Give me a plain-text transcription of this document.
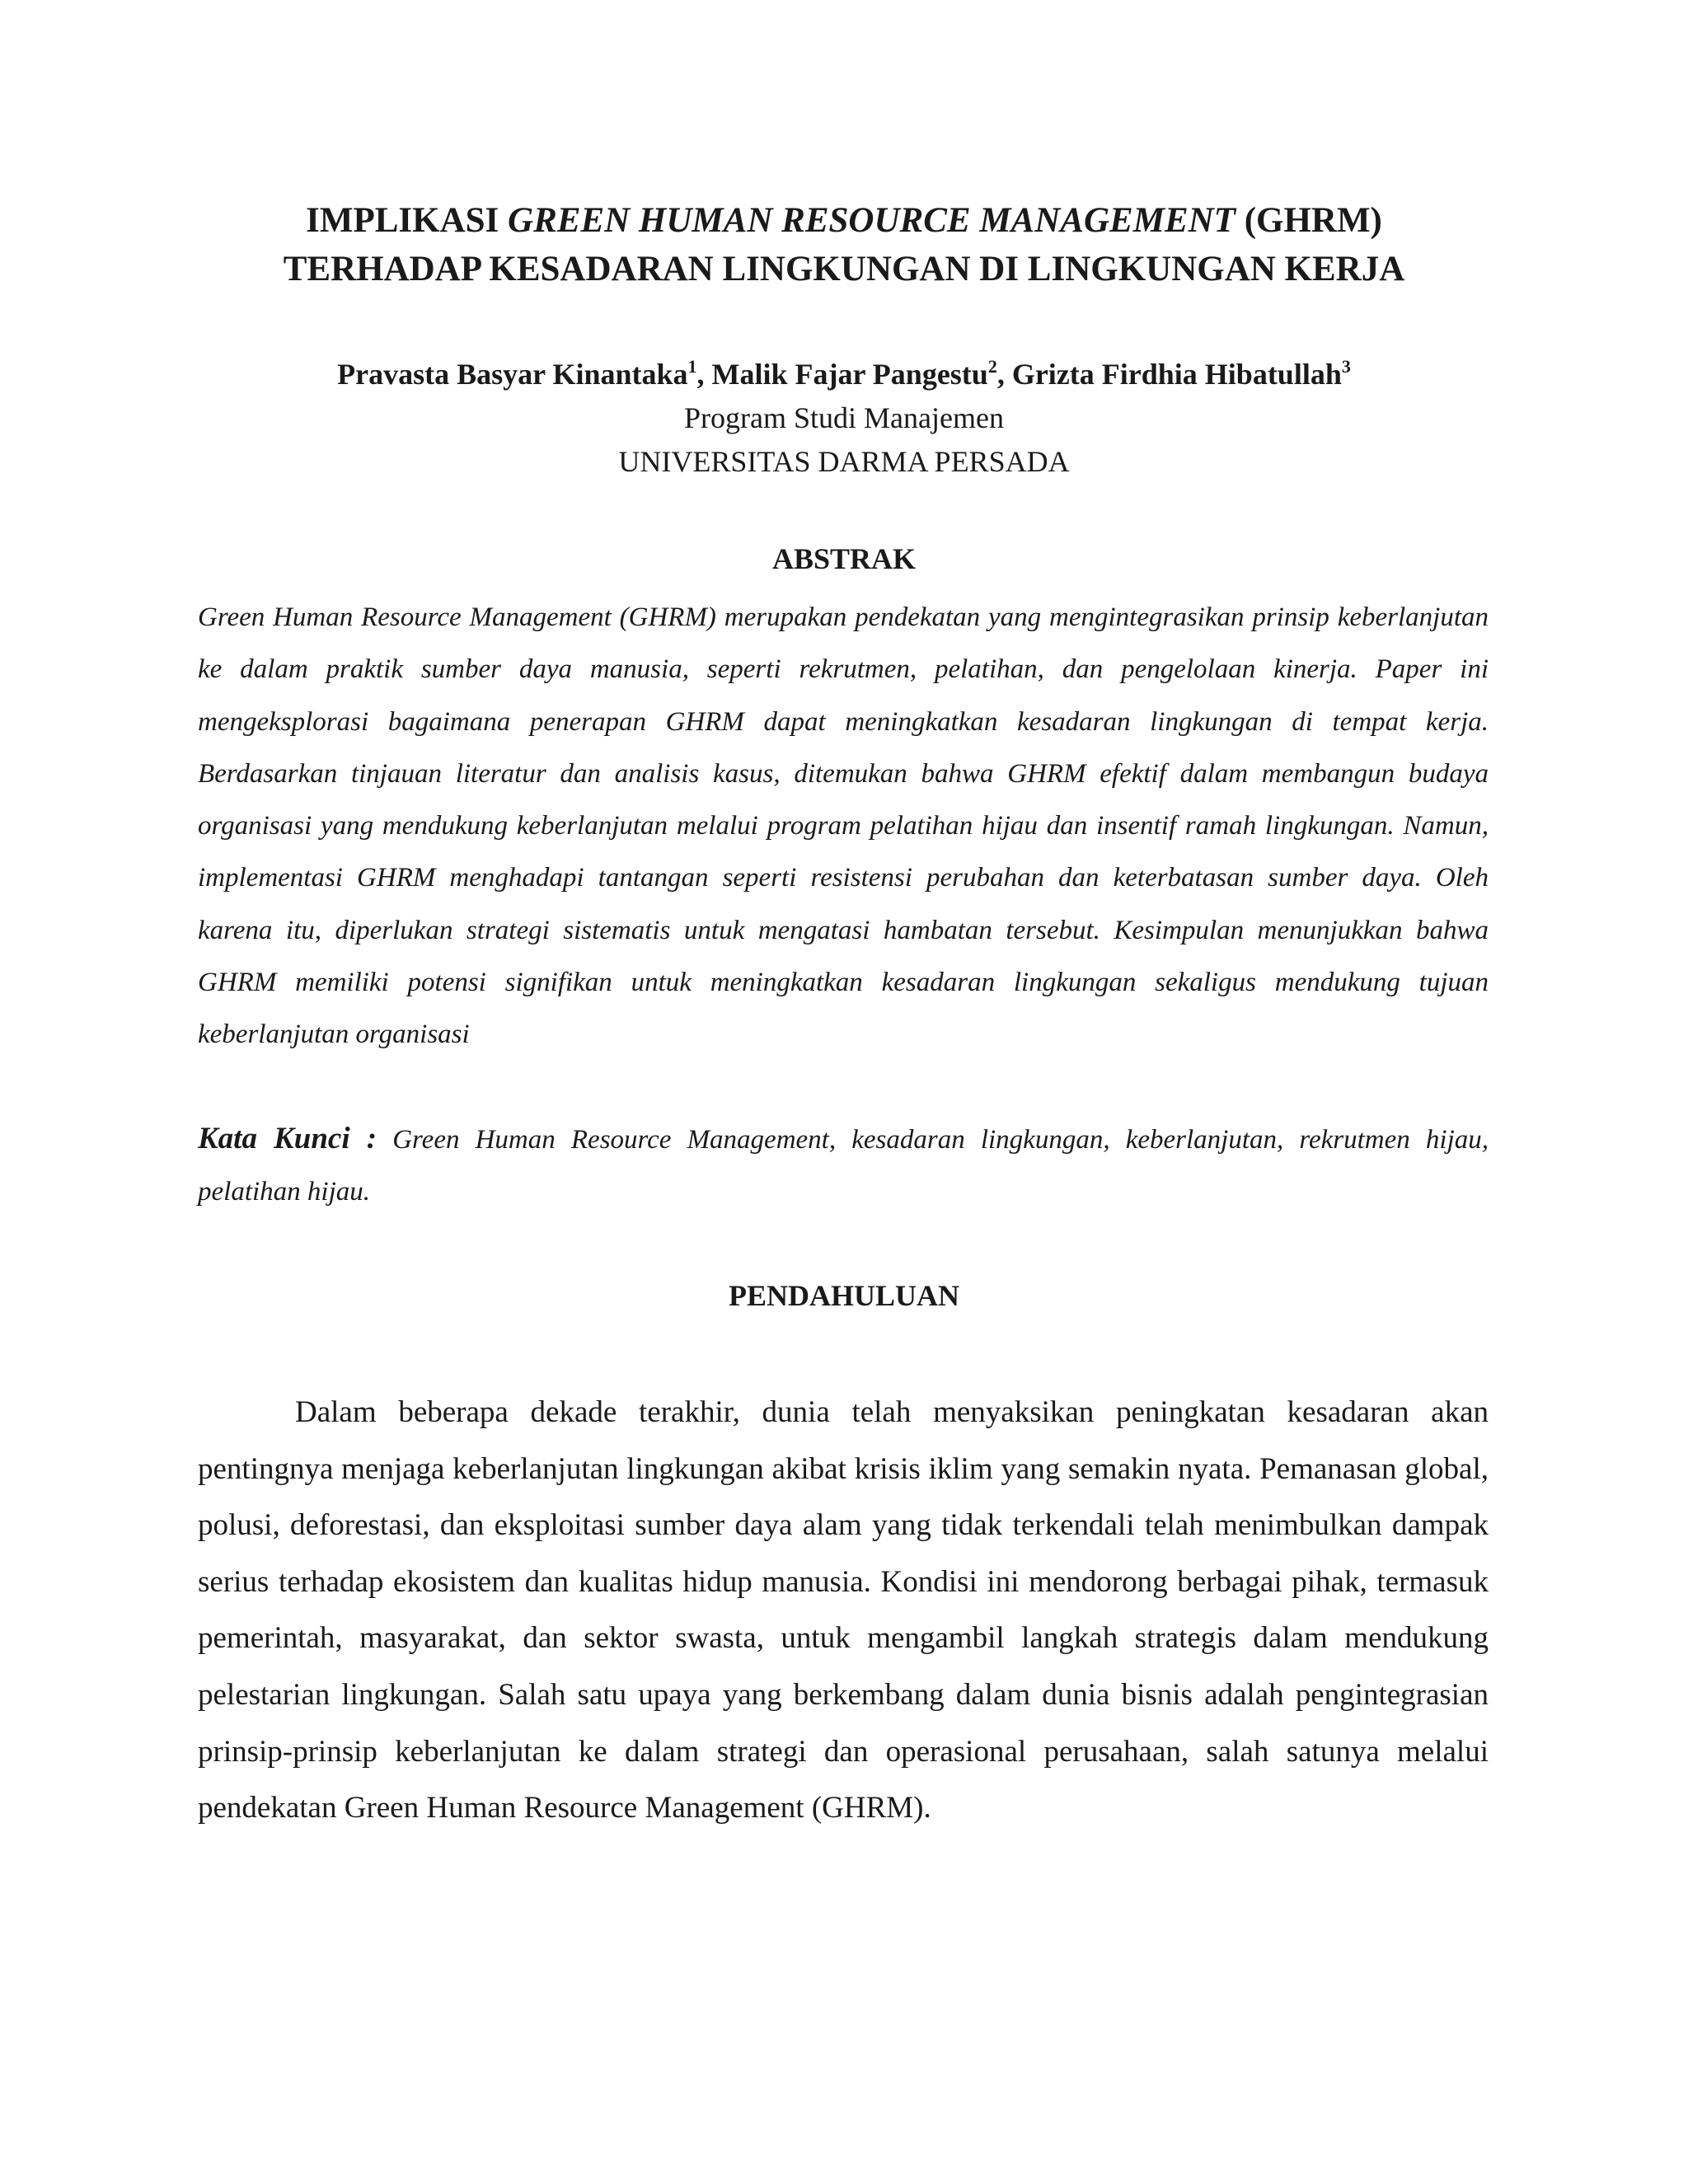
IMPLIKASI GREEN HUMAN RESOURCE MANAGEMENT (GHRM)
TERHADAP KESADARAN LINGKUNGAN DI LINGKUNGAN KERJA
Pravasta Basyar Kinantaka$^1$, Malik Fajar Pangestu$^2$, Grizta Firdhia Hibatullah$^3$
Program Studi Manajemen
UNIVERSITAS DARMA PERSADA
ABSTRAK

Green Human Resource Management (GHRM) merupakan pendekatan yang mengintegrasikan prinsip keberlanjutan ke dalam praktik sumber daya manusia, seperti rekrutmen, pelatihan, dan pengelolaan kinerja. Paper ini mengeksplorasi bagaimana penerapan GHRM dapat meningkatkan kesadaran lingkungan di tempat kerja. Berdasarkan tinjauan literatur dan analisis kasus, ditemukan bahwa GHRM efektif dalam membangun budaya organisasi yang mendukung keberlanjutan melalui program pelatihan hijau dan insentif ramah lingkungan. Namun, implementasi GHRM menghadapi tantangan seperti resistensi perubahan dan keterbatasan sumber daya. Oleh karena itu, diperlukan strategi sistematis untuk mengatasi hambatan tersebut. Kesimpulan menunjukkan bahwa GHRM memiliki potensi signifikan untuk meningkatkan kesadaran lingkungan sekaligus mendukung tujuan keberlanjutan organisasi

Kata Kunci : Green Human Resource Management, kesadaran lingkungan, keberlanjutan, rekrutmen hijau, pelatihan hijau.

PENDAHULUAN

Dalam beberapa dekade terakhir, dunia telah menyaksikan peningkatan kesadaran akan pentingnya menjaga keberlanjutan lingkungan akibat krisis iklim yang semakin nyata. Pemanasan global, polusi, deforestasi, dan eksploitasi sumber daya alam yang tidak terkendali telah menimbulkan dampak serius terhadap ekosistem dan kualitas hidup manusia. Kondisi ini mendorong berbagai pihak, termasuk pemerintah, masyarakat, dan sektor swasta, untuk mengambil langkah strategis dalam mendukung pelestarian lingkungan. Salah satu upaya yang berkembang dalam dunia bisnis adalah pengintegrasian prinsip-prinsip keberlanjutan ke dalam strategi dan operasional perusahaan, salah satunya melalui pendekatan Green Human Resource Management (GHRM).
